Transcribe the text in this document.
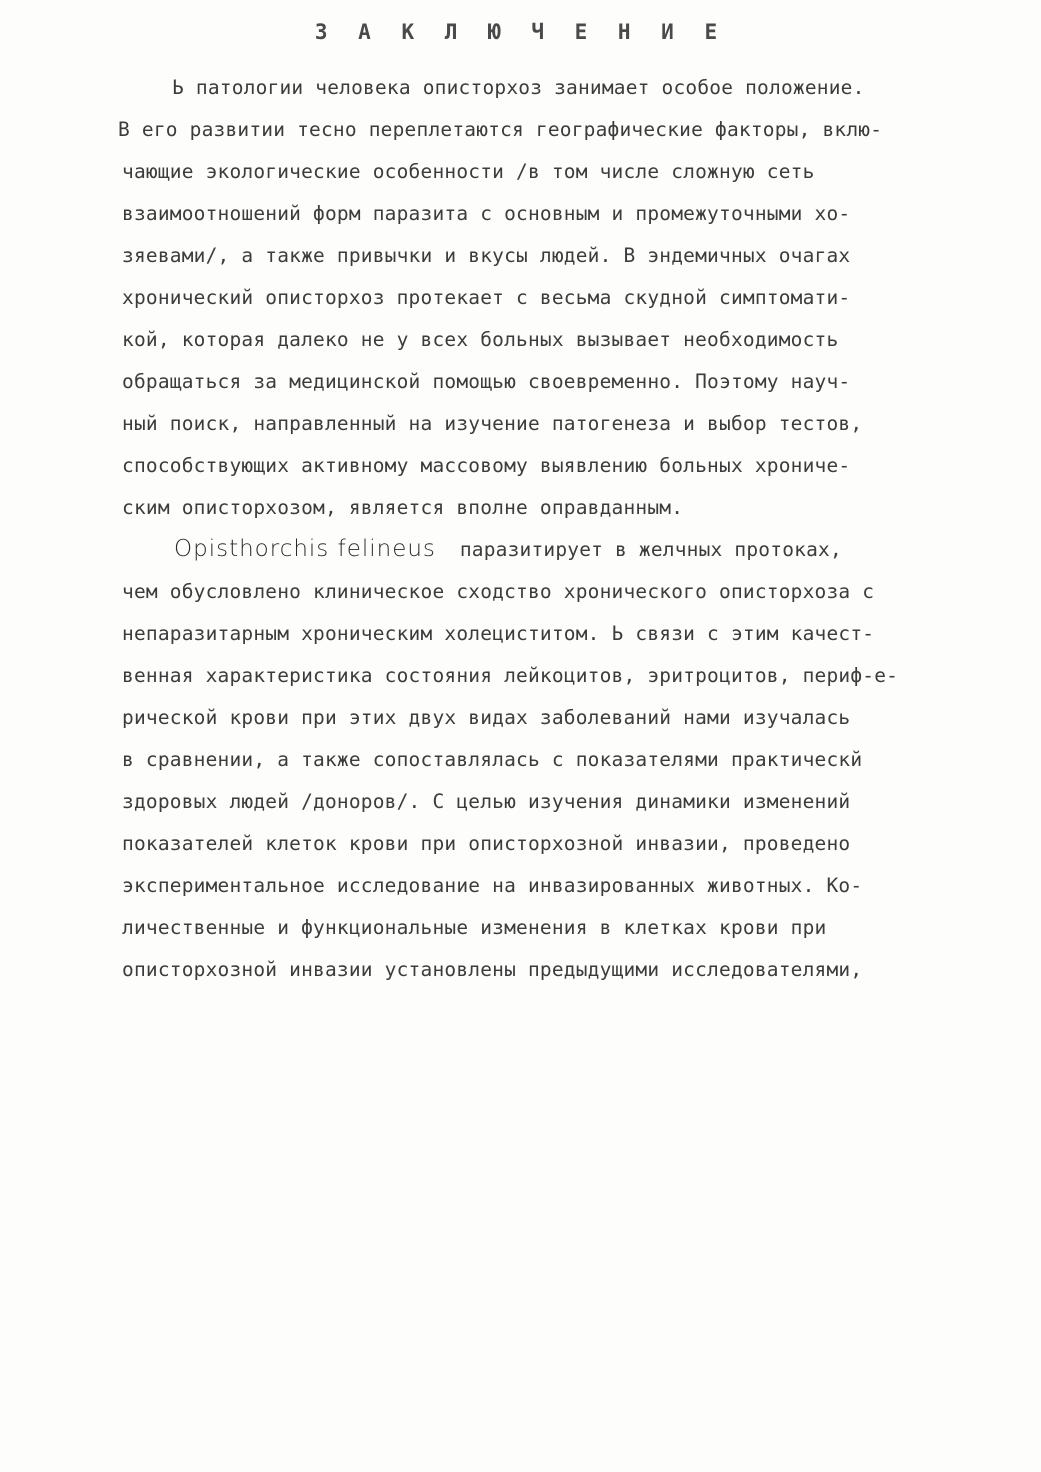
З А К Л Ю Ч Е Н И Е
Ь патологии человека описторхоз занимает особое положение.
В его развитии тесно переплетаются географические факторы, вклю-
чающие экологические особенности /в том числе сложную сеть
взаимоотношений форм паразита с основным и промежуточными хо-
зяевами/, а также привычки и вкусы людей. В эндемичных очагах
хронический описторхоз протекает с весьма скудной симптомати-
кой, которая далеко не у всех больных вызывает необходимость
обращаться за медицинской помощью своевременно. Поэтому науч-
ный поиск, направленный на изучение патогенеза и выбор тестов,
способствующих активному массовому выявлению больных хрониче-
ским описторхозом, является вполне оправданным.
Opisthorchis felineus паразитирует в желчных протоках,
чем обусловлено клиническое сходство хронического описторхоза с
непаразитарным хроническим холециститом. Ь связи с этим качест-
венная характеристика состояния лейкоцитов, эритроцитов, периф-е-
рической крови при этих двух видах заболеваний нами изучалась
в сравнении, а также сопоставлялась с показателями практическй
здоровых людей /доноров/. С целью изучения динамики изменений
показателей клеток крови при описторхозной инвазии, проведено
экспериментальное исследование на инвазированных животных. Ко-
личественные и функциональные изменения в клетках крови при
описторхозной инвазии установлены предыдущими исследователями,
